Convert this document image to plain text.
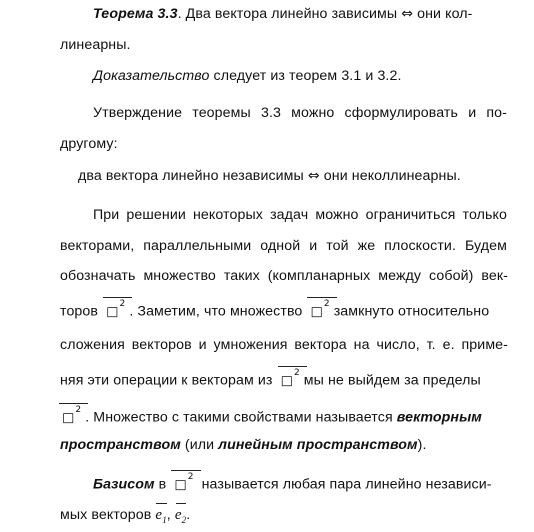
Теорема 3.3. Два вектора линейно зависимы ⇔ они кол-
линеарны.
Доказательство следует из теорем 3.1 и 3.2.
Утверждение теоремы 3.3 можно сформулировать и по-
другому:
два вектора линейно независимы ⇔ они неколлинеарны.
При решении некоторых задач можно ограничиться только
векторами, параллельными одной и той же плоскости. Будем
обозначать множество таких (компланарных между собой) век-
торов □$^2$ . Заметим, что множество □$^2$ замкнуто относительно
сложения векторов и умножения вектора на число, т. е. приме-
няя эти операции к векторам из □$^2$ мы не выйдем за пределы
□$^2$ . Множество с такими свойствами называется векторным
пространством (или линейным пространством).
Базисом в □$^2$ называется любая пара линейно независи-
мых векторов $e_1$,
$e_2$.
